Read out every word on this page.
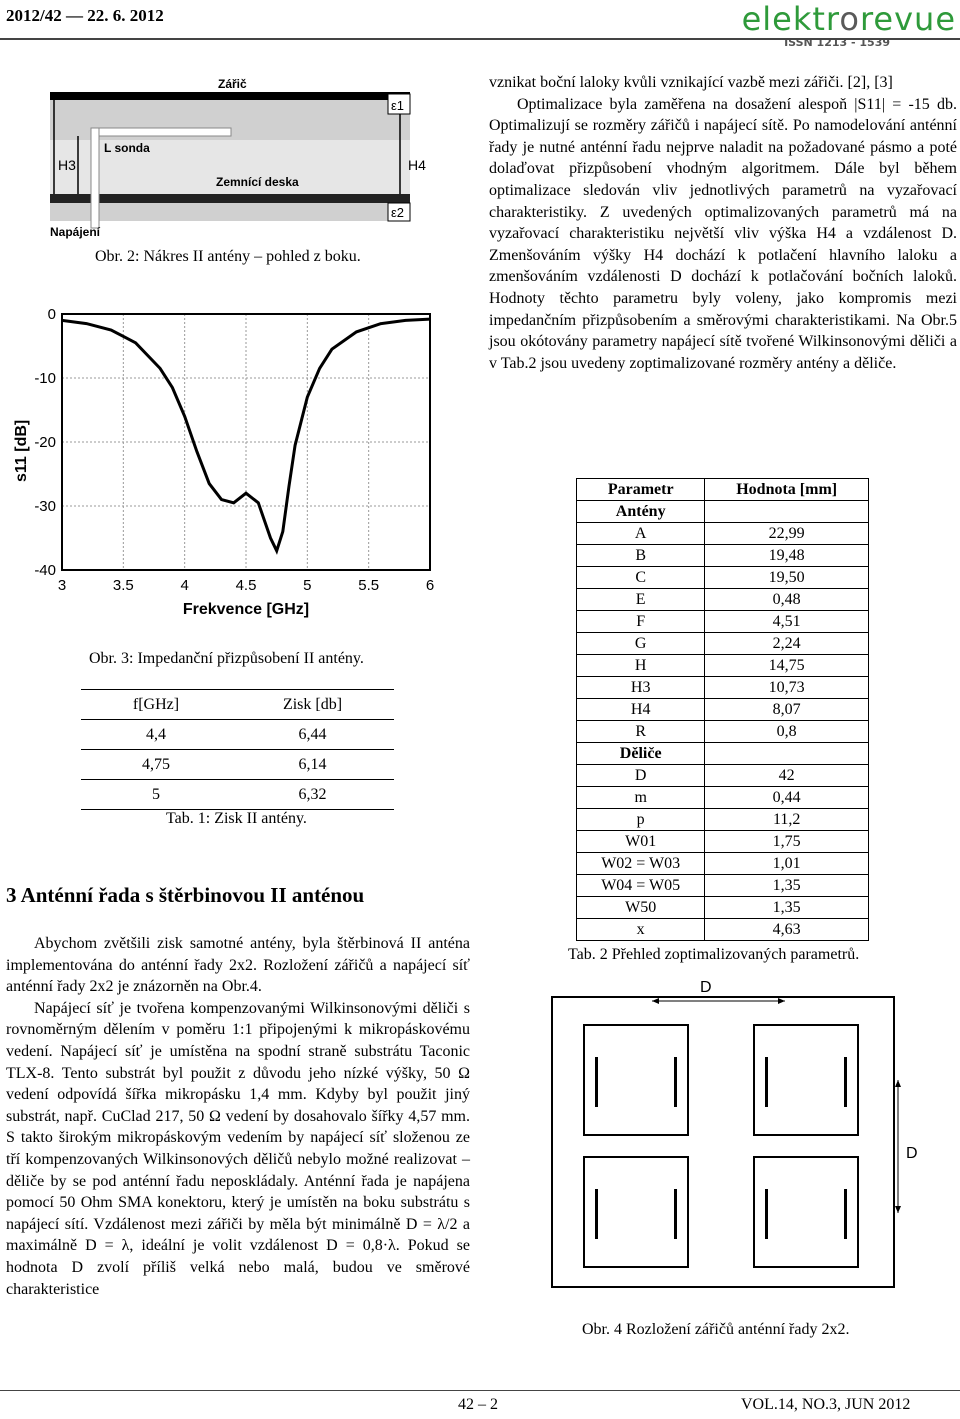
2012/42 — 22. 6. 2012	elektrorevue
ISSN 1213 - 1539
H3	H4
Zářič
L sonda
Zemnící deska
Napájení
ε1
ε2
Obr. 2: Nákres II antény – pohled z boku.
3	3.5	4	4.5	5	5.5	6
0
-10
-20
-30
-40
s11 [dB]
Frekvence [GHz]
Obr. 3: Impedanční přizpůsobení II antény.
f[GHz]	Zisk [db]
4,4	6,44
4,75	6,14
5	6,32
Tab. 1: Zisk II antény.
3 Anténní řada s štěrbinovou II anténou

Abychom zvětšili zisk samotné antény, byla štěrbinová II anténa implementována do anténní řady 2x2. Rozložení zářičů a napájecí síť anténní řady 2x2 je znázorněn na Obr.4.

Napájecí síť je tvořena kompenzovanými Wilkinsonovými děliči s rovnoměrným dělením v poměru 1:1 připojenými k mikropáskovému vedení. Napájecí síť je umístěna na spodní straně substrátu Taconic TLX-8. Tento substrát byl použit z důvodu jeho nízké výšky, 50 Ω vedení odpovídá šířka mikropásku 1,4 mm. Kdyby byl použit jiný substrát, např. CuClad 217, 50 Ω vedení by dosahovalo šířky 4,57 mm. S takto širokým mikropáskovým vedením by napájecí síť složenou ze tří kompenzovaných Wilkinsonových děličů nebylo možné realizovat – děliče by se pod anténní řadu neposkládaly. Anténní řada je napájena pomocí 50 Ohm SMA konektoru, který je umístěn na boku substrátu s napájecí sítí. Vzdálenost mezi zářiči by měla být minimálně D = λ/2 a maximálně D = λ, ideální je volit vzdálenost D = 0,8·λ. Pokud se hodnota D zvolí příliš velká nebo malá, budou ve směrové charakteristice

vznikat boční laloky kvůli vznikající vazbě mezi zářiči. [2], [3]

Optimalizace byla zaměřena na dosažení alespoň |S11| = -15 db. Optimalizují se rozměry zářičů i napájecí sítě. Po namodelování anténní řady je nutné anténní řadu nejprve naladit na požadované pásmo a poté dolaďovat přizpůsobení vhodným algoritmem. Dále byl během optimalizace sledován vliv jednotlivých parametrů na vyzařovací charakteristiky. Z uvedených optimalizovaných parametrů má na vyzařovací charakteristiku největší vliv výška H4 a vzdálenost D. Zmenšováním výšky H4 dochází k potlačení hlavního laloku a zmenšováním vzdálenosti D dochází k potlačování bočních laloků. Hodnoty těchto parametru byly voleny, jako kompromis mezi impedančním přizpůsobením a směrovými charakteristikami. Na Obr.5 jsou okótovány parametry napájecí sítě tvořené Wilkinsonovými děliči a v Tab.2 jsou uvedeny zoptimalizované rozměry antény a děliče.

Parametr	Hodnota [mm]
Antény	
A	22,99
B	19,48
C	19,50
E	0,48
F	4,51
G	2,24
H	14,75
H3	10,73
H4	8,07
R	0,8
Děliče	
D	42
m	0,44
p	11,2
W01	1,75
W02 = W03	1,01
W04 = W05	1,35
W50	1,35
x	4,63
Tab. 2 Přehled zoptimalizovaných parametrů.
D
D
Obr. 4 Rozložení zářičů anténní řady 2x2.
42 – 2	VOL.14, NO.3, JUN 2012
